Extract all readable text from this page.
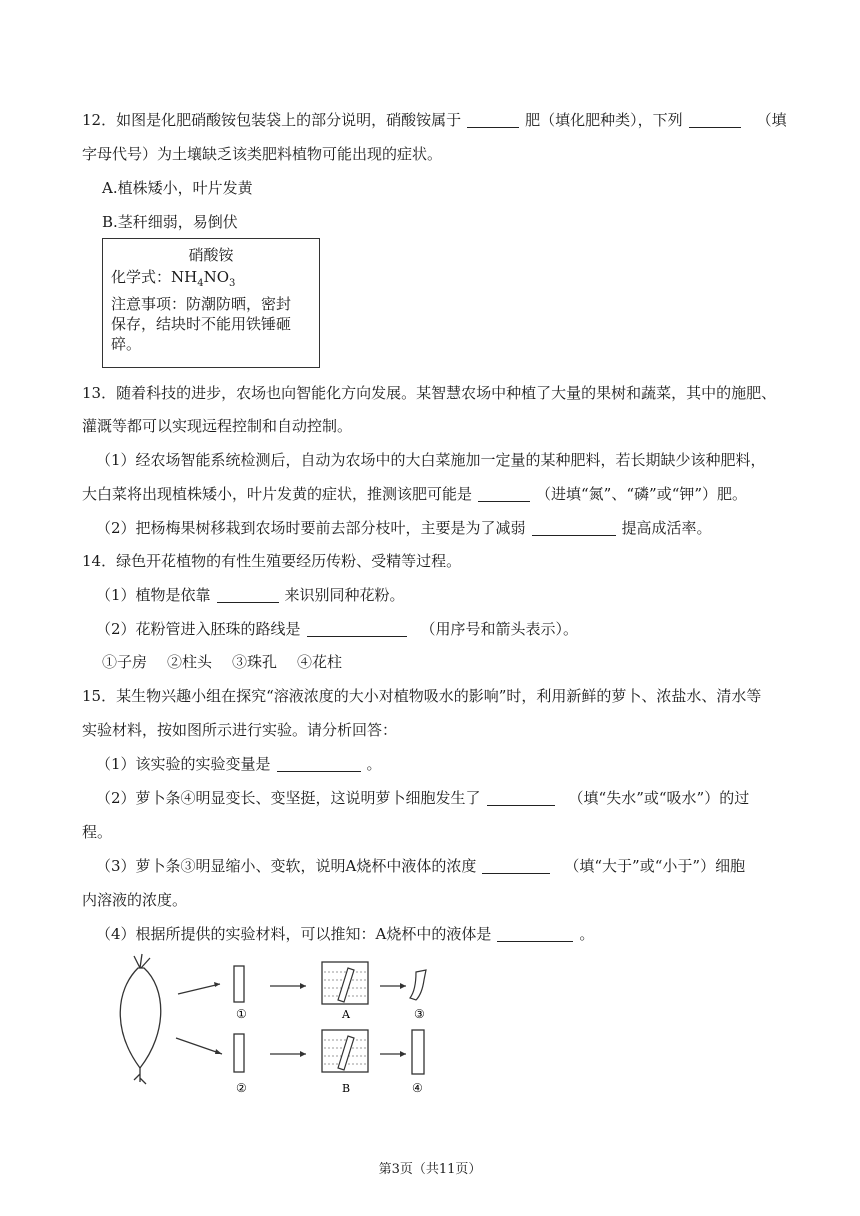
12．如图是化肥硝酸铵包装袋上的部分说明，硝酸铵属于	肥（填化肥种类），下列	（填
字母代号）为土壤缺乏该类肥料植物可能出现的症状。
A.植株矮小，叶片发黄
B.茎秆细弱，易倒伏
硝酸铵
化学式：$NH_4NO_3$
注意事项：防潮防晒，密封
保存，结块时不能用铁锤砸
碎。
13．随着科技的进步，农场也向智能化方向发展。某智慧农场中种植了大量的果树和蔬菜，其中的施肥、
灌溉等都可以实现远程控制和自动控制。
（1）经农场智能系统检测后，自动为农场中的大白菜施加一定量的某种肥料，若长期缺少该种肥料，
大白菜将出现植株矮小，叶片发黄的症状，推测该肥可能是	（进填“氮”、“磷”或“钾”）肥。
（2）把杨梅果树移栽到农场时要前去部分枝叶，主要是为了减弱	提高成活率。
14．绿色开花植物的有性生殖要经历传粉、受精等过程。
（1）植物是依靠	来识别同种花粉。
（2）花粉管进入胚珠的路线是	（用序号和箭头表示）。
①子房 ②柱头 ③珠孔 ④花柱
15．某生物兴趣小组在探究“溶液浓度的大小对植物吸水的影响”时，利用新鲜的萝卜、浓盐水、清水等
实验材料，按如图所示进行实验。请分析回答：
（1）该实验的实验变量是	。
（2）萝卜条④明显变长、变坚挺，这说明萝卜细胞发生了	（填“失水”或“吸水”）的过
程。
（3）萝卜条③明显缩小、变软，说明A烧杯中液体的浓度	（填“大于”或“小于”）细胞
内溶液的浓度。
（4）根据所提供的实验材料，可以推知：A烧杯中的液体是	。
①	A	③
②	B	④
第3页（共11页）
